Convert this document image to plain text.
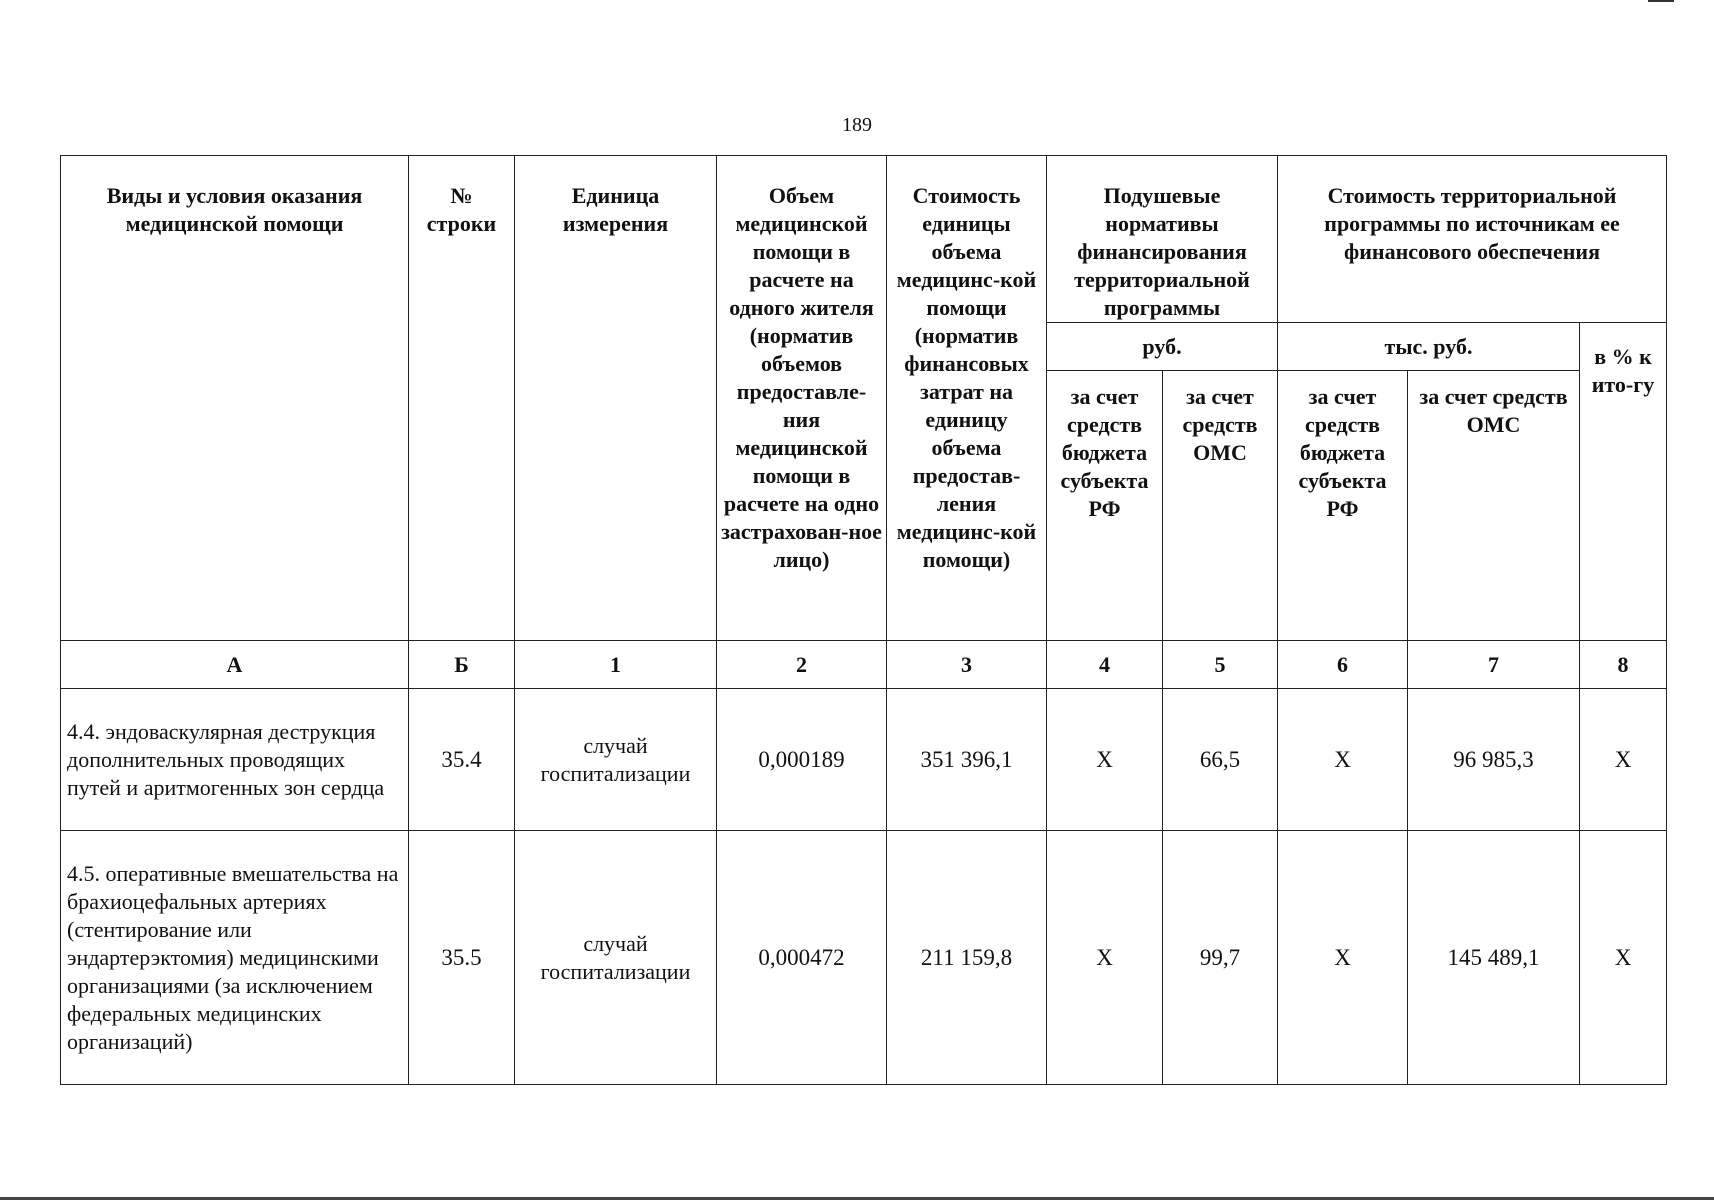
189
Виды и условия оказания медицинской помощи	№ строки	Единица измерения	Объем медицинской помощи в расчете на одного жителя (норматив объемов предоставле-ния медицинской помощи в расчете на одно застрахован-ное лицо)	Стоимость единицы объема медицинс-кой помощи (норматив финансовых затрат на единицу объема предостав-ления медицинс-кой помощи)	Подушевые нормативы финансирования территориальной программы		Стоимость территориальной программы по источникам ее финансового обеспечения		
					руб.		тыс. руб.		в % к ито-гу
					за счет средств бюджета субъекта РФ	за счет средств ОМС	за счет средств бюджета субъекта РФ	за счет средств ОМС	
А	Б	1	2	3	4	5	6	7	8
4.4. эндоваскулярная деструкция дополнительных проводящих путей и аритмогенных зон сердца	35.4	случай госпитализации	0,000189	351 396,1	X	66,5	X	96 985,3	X
4.5. оперативные вмешательства на брахиоцефальных артериях (стентирование или эндартерэктомия) медицинскими организациями (за исключением федеральных медицинских организаций)	35.5	случай госпитализации	0,000472	211 159,8	X	99,7	X	145 489,1	X
